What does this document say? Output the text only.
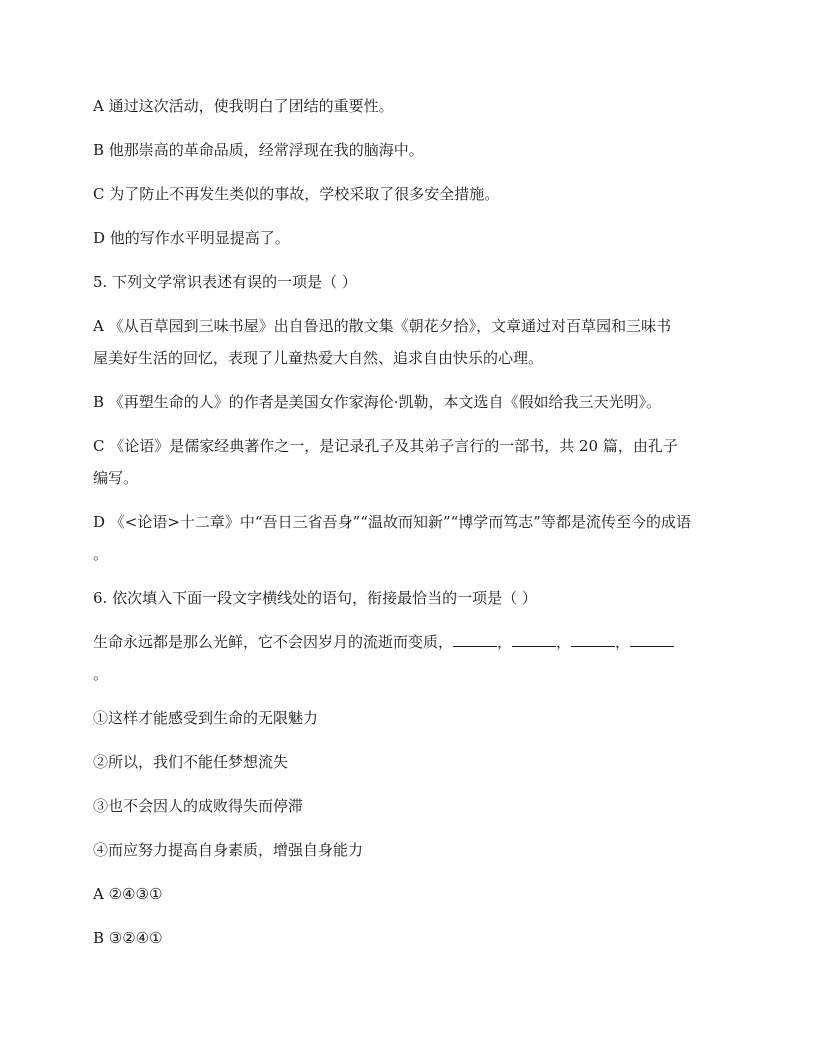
A 通过这次活动，使我明白了团结的重要性。
B 他那崇高的革命品质，经常浮现在我的脑海中。
C 为了防止不再发生类似的事故，学校采取了很多安全措施。
D 他的写作水平明显提高了。
5. 下列文学常识表述有误的一项是（ ）
A 《从百草园到三味书屋》出自鲁迅的散文集《朝花夕拾》，文章通过对百草园和三味书
屋美好生活的回忆，表现了儿童热爱大自然、追求自由快乐的心理。
B 《再塑生命的人》的作者是美国女作家海伦·凯勒，本文选自《假如给我三天光明》。
C 《论语》是儒家经典著作之一，是记录孔子及其弟子言行的一部书，共 20 篇，由孔子
编写。
D 《<论语>十二章》中“吾日三省吾身”“温故而知新”“博学而笃志”等都是流传至今的成语
。
6. 依次填入下面一段文字横线处的语句，衔接最恰当的一项是（ ）
生命永远都是那么光鲜，它不会因岁月的流逝而变质，	，	，	，
。
①这样才能感受到生命的无限魅力
②所以，我们不能任梦想流失
③也不会因人的成败得失而停滞
④而应努力提高自身素质，增强自身能力
A ②④③①
B ③②④①
